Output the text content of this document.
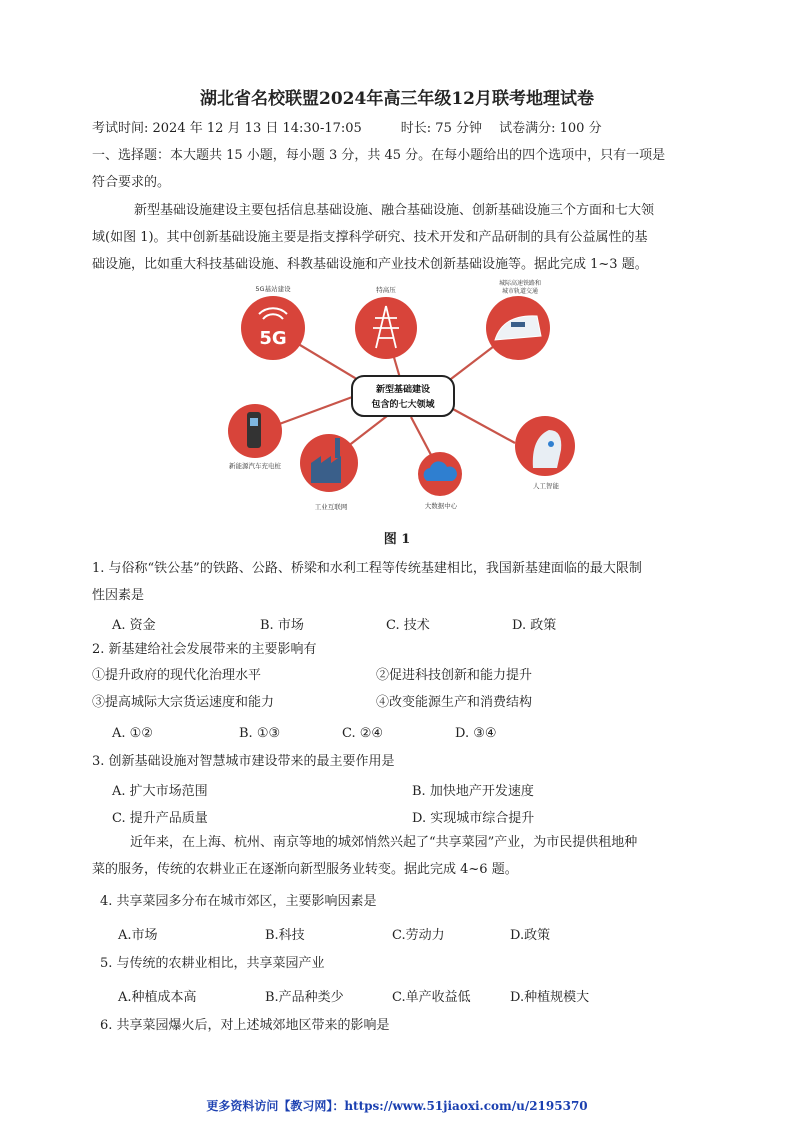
湖北省名校联盟2024年高三年级12月联考地理试卷
考试时间: 2024 年 12 月 13 日 14:30-17:05　　　时长: 75 分钟　 试卷满分: 100 分
一、选择题：本大题共 15 小题，每小题 3 分，共 45 分。在每小题给出的四个选项中，只有一项是
符合要求的。
新型基础设施建设主要包括信息基础设施、融合基础设施、创新基础设施三个方面和七大领
域(如图 1)。其中创新基础设施主要是指支撑科学研究、技术开发和产品研制的具有公益属性的基
础设施，比如重大科技基础设施、科教基础设施和产业技术创新基础设施等。据此完成 1~3 题。
5G
5G基站建设	特高压
城际高速铁路和
城市轨道交通
新型基础建设
包含的七大领域
新能源汽车充电桩
工业互联网	大数据中心
人工智能
图 1
1. 与俗称“铁公基”的铁路、公路、桥梁和水利工程等传统基建相比，我国新基建面临的最大限制
性因素是
A. 资金	B. 市场	C. 技术	D. 政策
2. 新基建给社会发展带来的主要影响有
①提升政府的现代化治理水平	②促进科技创新和能力提升
③提高城际大宗货运速度和能力	④改变能源生产和消费结构
A. ①②	B. ①③	C. ②④	D. ③④
3. 创新基础设施对智慧城市建设带来的最主要作用是
A. 扩大市场范围	B. 加快地产开发速度
C. 提升产品质量	D. 实现城市综合提升
近年来，在上海、杭州、南京等地的城郊悄然兴起了“共享菜园”产业，为市民提供租地种
菜的服务，传统的农耕业正在逐渐向新型服务业转变。据此完成 4~6 题。
4. 共享菜园多分布在城市郊区，主要影响因素是
A.市场	B.科技	C.劳动力	D.政策
5. 与传统的农耕业相比，共享菜园产业
A.种植成本高	B.产品种类少	C.单产收益低	D.种植规模大
6. 共享菜园爆火后，对上述城郊地区带来的影响是
更多资料访问【教习网】：https://www.51jiaoxi.com/u/2195370
